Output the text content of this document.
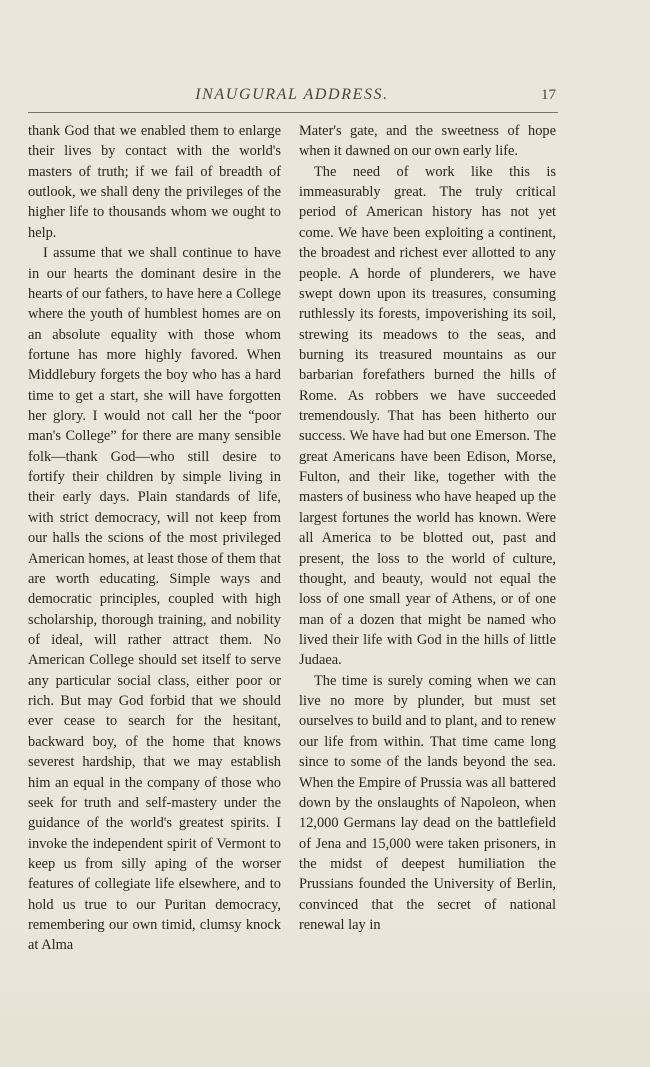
INAUGURAL ADDRESS.	17

thank God that we enabled them to enlarge their lives by contact with the world's masters of truth; if we fail of breadth of outlook, we shall deny the privileges of the higher life to thousands whom we ought to help.

I assume that we shall continue to have in our hearts the dominant desire in the hearts of our fathers, to have here a College where the youth of humblest homes are on an absolute equality with those whom fortune has more highly favored. When Middlebury forgets the boy who has a hard time to get a start, she will have forgotten her glory. I would not call her the “poor man's College” for there are many sensible folk—thank God—who still desire to fortify their children by simple living in their early days. Plain standards of life, with strict democracy, will not keep from our halls the scions of the most privileged American homes, at least those of them that are worth educating. Simple ways and democratic principles, coupled with high scholarship, thorough training, and nobility of ideal, will rather attract them. No American College should set itself to serve any particular social class, either poor or rich. But may God forbid that we should ever cease to search for the hesitant, backward boy, of the home that knows severest hardship, that we may establish him an equal in the company of those who seek for truth and self-mastery under the guidance of the world's greatest spirits. I invoke the independent spirit of Vermont to keep us from silly aping of the worser features of collegiate life elsewhere, and to hold us true to our Puritan democracy, remembering our own timid, clumsy knock at Alma

Mater's gate, and the sweetness of hope when it dawned on our own early life.

The need of work like this is immeasurably great. The truly critical period of American history has not yet come. We have been exploiting a continent, the broadest and richest ever allotted to any people. A horde of plunderers, we have swept down upon its treasures, consuming ruthlessly its forests, impoverishing its soil, strewing its meadows to the seas, and burning its treasured mountains as our barbarian forefathers burned the hills of Rome. As robbers we have succeeded tremendously. That has been hitherto our success. We have had but one Emerson. The great Americans have been Edison, Morse, Fulton, and their like, together with the masters of business who have heaped up the largest fortunes the world has known. Were all America to be blotted out, past and present, the loss to the world of culture, thought, and beauty, would not equal the loss of one small year of Athens, or of one man of a dozen that might be named who lived their life with God in the hills of little Judaea.

The time is surely coming when we can live no more by plunder, but must set ourselves to build and to plant, and to renew our life from within. That time came long since to some of the lands beyond the sea. When the Empire of Prussia was all battered down by the onslaughts of Napoleon, when 12,000 Germans lay dead on the battlefield of Jena and 15,000 were taken prisoners, in the midst of deepest humiliation the Prussians founded the University of Berlin, convinced that the secret of national renewal lay in
